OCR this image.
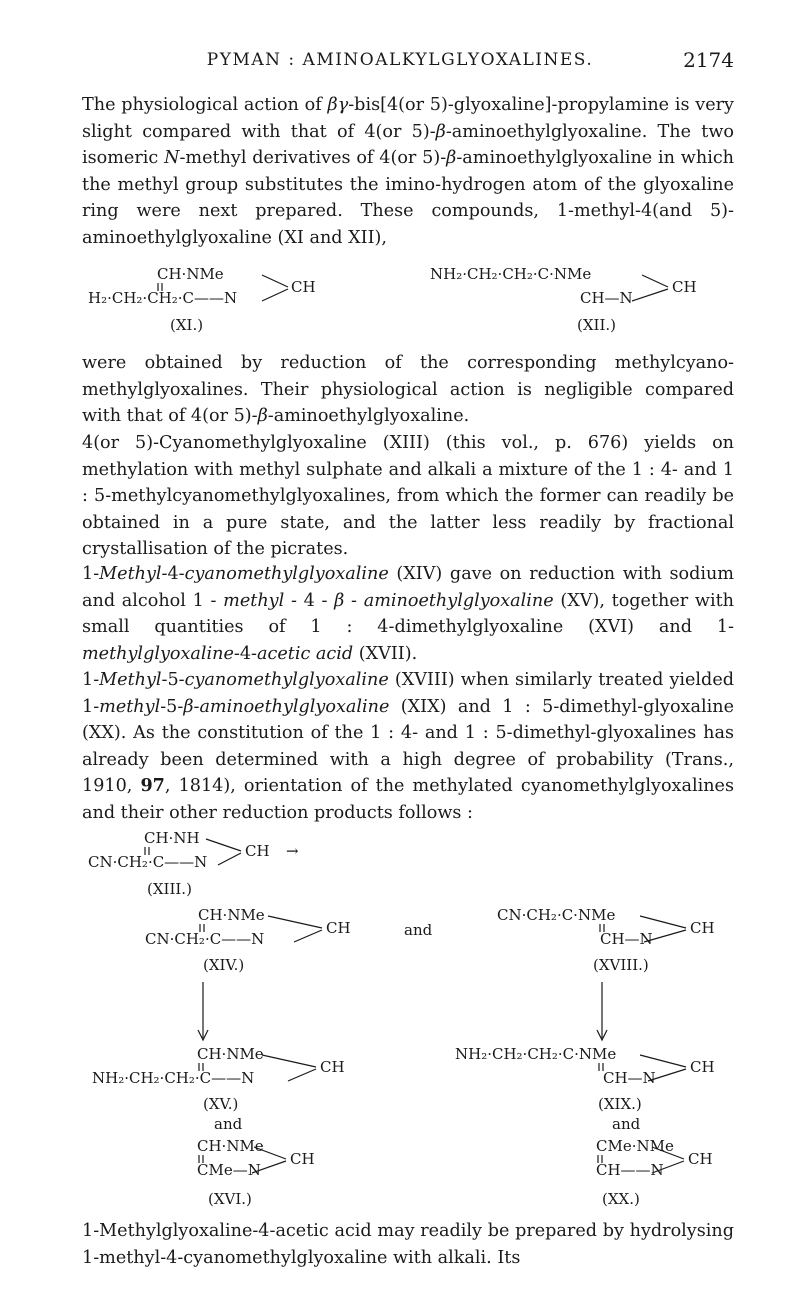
PYMAN : AMINOALKYLGLYOXALINES.	2174
The physiological action of βγ-bis[4(or 5)-glyoxaline]-propylamine is very slight compared with that of 4(or 5)-β-aminoethylglyoxaline. The two isomeric N-methyl derivatives of 4(or 5)-β-aminoethylglyoxaline in which the methyl group substitutes the imino-hydrogen atom of the glyoxaline ring were next prepared. These compounds, 1-methyl-4(and 5)-aminoethylglyoxaline (XI and XII),
CH·NMe
H₂·CH₂·CH₂·C——N
CH
(XI.)
NH₂·CH₂·CH₂·C·NMe
CH—N
CH
(XII.)
were obtained by reduction of the corresponding methylcyano-methylglyoxalines. Their physiological action is negligible compared with that of 4(or 5)-β-aminoethylglyoxaline.
4(or 5)-Cyanomethylglyoxaline (XIII) (this vol., p. 676) yields on methylation with methyl sulphate and alkali a mixture of the 1 : 4- and 1 : 5-methylcyanomethylglyoxalines, from which the former can readily be obtained in a pure state, and the latter less readily by fractional crystallisation of the picrates.
1-Methyl-4-cyanomethylglyoxaline (XIV) gave on reduction with sodium and alcohol 1 - methyl - 4 - β - aminoethylglyoxaline (XV), together with small quantities of 1 : 4-dimethylglyoxaline (XVI) and 1-methylglyoxaline-4-acetic acid (XVII).
1-Methyl-5-cyanomethylglyoxaline (XVIII) when similarly treated yielded 1-methyl-5-β-aminoethylglyoxaline (XIX) and 1 : 5-dimethyl-glyoxaline (XX). As the constitution of the 1 : 4- and 1 : 5-dimethyl-glyoxalines has already been determined with a high degree of probability (Trans., 1910, 97, 1814), orientation of the methylated cyanomethylglyoxalines and their other reduction products follows :
CH·NH
CN·CH₂·C——N
CH →
(XIII.)
CH·NMe
CN·CH₂·C——N
CH
(XIV.)
and
CN·CH₂·C·NMe
CH—N
CH
(XVIII.)
CH·NMe
NH₂·CH₂·CH₂·C——N
CH
(XV.)
and
NH₂·CH₂·CH₂·C·NMe
CH—N
CH
(XIX.)
and
CH·NMe
CMe—N
CH
(XVI.)
CMe·NMe
CH——N
CH
(XX.)
1-Methylglyoxaline-4-acetic acid may readily be prepared by hydrolysing 1-methyl-4-cyanomethylglyoxaline with alkali. Its
